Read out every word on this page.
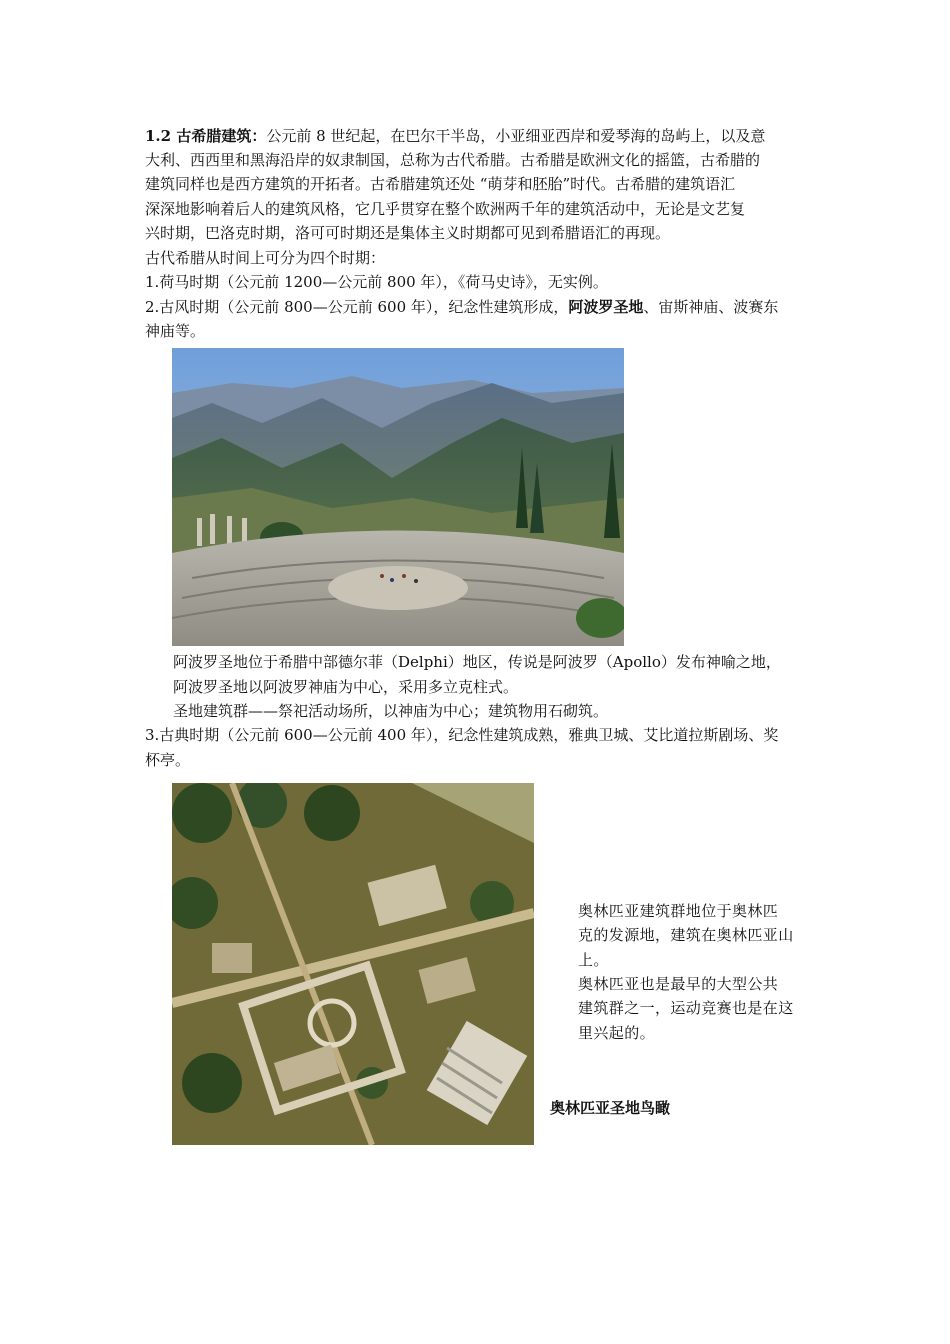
1.2 古希腊建筑：公元前 8 世纪起，在巴尔干半岛，小亚细亚西岸和爱琴海的岛屿上，以及意

大利、西西里和黑海沿岸的奴隶制国，总称为古代希腊。古希腊是欧洲文化的摇篮，古希腊的

建筑同样也是西方建筑的开拓者。古希腊建筑还处 “萌芽和胚胎”时代。古希腊的建筑语汇

深深地影响着后人的建筑风格，它几乎贯穿在整个欧洲两千年的建筑活动中，无论是文艺复

兴时期，巴洛克时期，洛可可时期还是集体主义时期都可见到希腊语汇的再现。

古代希腊从时间上可分为四个时期：

1.荷马时期（公元前 1200—公元前 800 年），《荷马史诗》，无实例。

2.古风时期（公元前 800—公元前 600 年），纪念性建筑形成，阿波罗圣地、宙斯神庙、波赛东

神庙等。

阿波罗圣地位于希腊中部德尔菲（Delphi）地区，传说是阿波罗（Apollo）发布神喻之地，

阿波罗圣地以阿波罗神庙为中心，采用多立克柱式。

圣地建筑群——祭祀活动场所，以神庙为中心；建筑物用石砌筑。

3.古典时期（公元前 600—公元前 400 年），纪念性建筑成熟，雅典卫城、艾比道拉斯剧场、奖

杯亭。

奥林匹亚建筑群地位于奥林匹

克的发源地，建筑在奥林匹亚山

上。

奥林匹亚也是最早的大型公共

建筑群之一，运动竞赛也是在这

里兴起的。

奥林匹亚圣地鸟瞰
